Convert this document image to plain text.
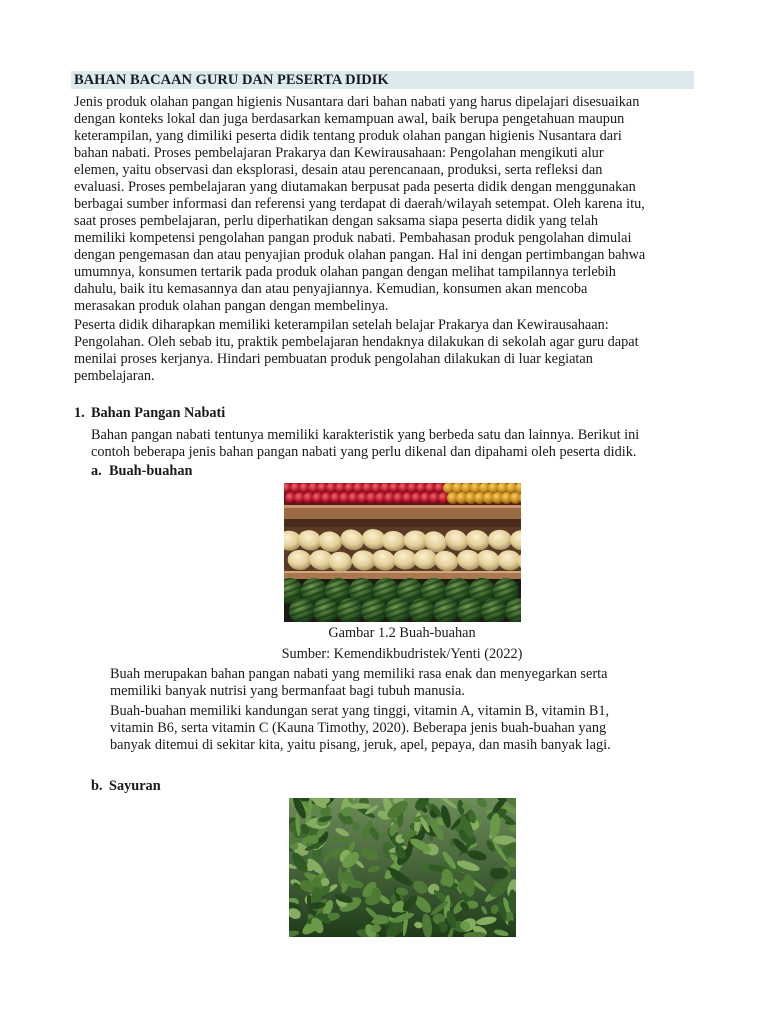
BAHAN BACAAN GURU DAN PESERTA DIDIK
Jenis produk olahan pangan higienis Nusantara dari bahan nabati yang harus dipelajari disesuaikan
dengan konteks lokal dan juga berdasarkan kemampuan awal, baik berupa pengetahuan maupun
keterampilan, yang dimiliki peserta didik tentang produk olahan pangan higienis Nusantara dari
bahan nabati. Proses pembelajaran Prakarya dan Kewirausahaan: Pengolahan mengikuti alur
elemen, yaitu observasi dan eksplorasi, desain atau perencanaan, produksi, serta refleksi dan
evaluasi. Proses pembelajaran yang diutamakan berpusat pada peserta didik dengan menggunakan
berbagai sumber informasi dan referensi yang terdapat di daerah/wilayah setempat. Oleh karena itu,
saat proses pembelajaran, perlu diperhatikan dengan saksama siapa peserta didik yang telah
memiliki kompetensi pengolahan pangan produk nabati. Pembahasan produk pengolahan dimulai
dengan pengemasan dan atau penyajian produk olahan pangan. Hal ini dengan pertimbangan bahwa
umumnya, konsumen tertarik pada produk olahan pangan dengan melihat tampilannya terlebih
dahulu, baik itu kemasannya dan atau penyajiannya. Kemudian, konsumen akan mencoba
merasakan produk olahan pangan dengan membelinya.
Peserta didik diharapkan memiliki keterampilan setelah belajar Prakarya dan Kewirausahaan:
Pengolahan. Oleh sebab itu, praktik pembelajaran hendaknya dilakukan di sekolah agar guru dapat
menilai proses kerjanya. Hindari pembuatan produk pengolahan dilakukan di luar kegiatan
pembelajaran.
1. Bahan Pangan Nabati
Bahan pangan nabati tentunya memiliki karakteristik yang berbeda satu dan lainnya. Berikut ini
contoh beberapa jenis bahan pangan nabati yang perlu dikenal dan dipahami oleh peserta didik.
a. Buah-buahan
Gambar 1.2 Buah-buahan
Sumber: Kemendikbudristek/Yenti (2022)
Buah merupakan bahan pangan nabati yang memiliki rasa enak dan menyegarkan serta
memiliki banyak nutrisi yang bermanfaat bagi tubuh manusia.
Buah-buahan memiliki kandungan serat yang tinggi, vitamin A, vitamin B, vitamin B1,
vitamin B6, serta vitamin C (Kauna Timothy, 2020). Beberapa jenis buah-buahan yang
banyak ditemui di sekitar kita, yaitu pisang, jeruk, apel, pepaya, dan masih banyak lagi.
b. Sayuran
